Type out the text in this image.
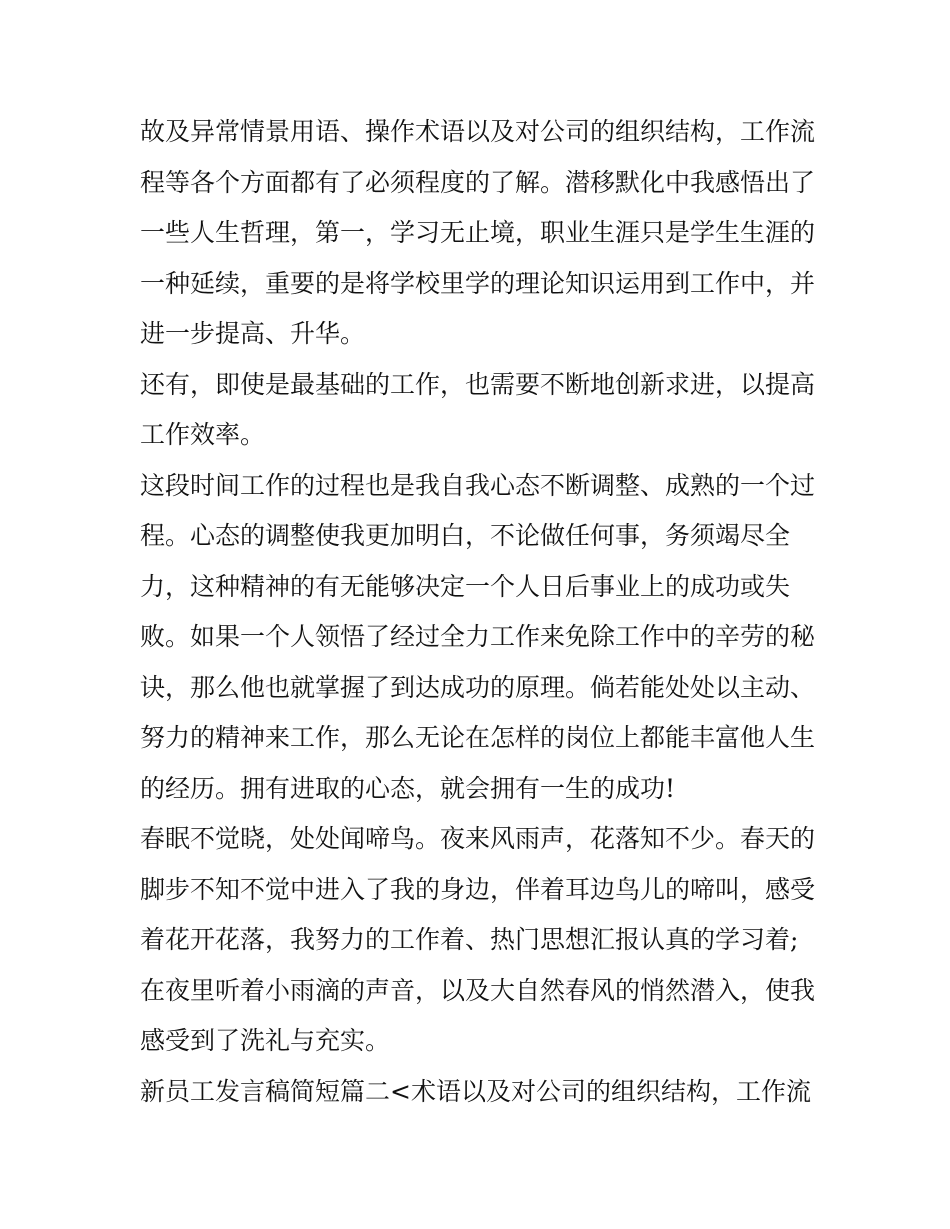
故及异常情景用语、操作术语以及对公司的组织结构，工作流
程等各个方面都有了必须程度的了解。潜移默化中我感悟出了
一些人生哲理，第一，学习无止境，职业生涯只是学生生涯的
一种延续，重要的是将学校里学的理论知识运用到工作中，并
进一步提高、升华。
还有，即使是最基础的工作，也需要不断地创新求进，以提高
工作效率。
这段时间工作的过程也是我自我心态不断调整、成熟的一个过
程。心态的调整使我更加明白，不论做任何事，务须竭尽全
力，这种精神的有无能够决定一个人日后事业上的成功或失
败。如果一个人领悟了经过全力工作来免除工作中的辛劳的秘
诀，那么他也就掌握了到达成功的原理。倘若能处处以主动、
努力的精神来工作，那么无论在怎样的岗位上都能丰富他人生
的经历。拥有进取的心态，就会拥有一生的成功!
春眠不觉晓，处处闻啼鸟。夜来风雨声，花落知不少。春天的
脚步不知不觉中进入了我的身边，伴着耳边鸟儿的啼叫，感受
着花开花落，我努力的工作着、热门思想汇报认真的学习着;
在夜里听着小雨滴的声音，以及大自然春风的悄然潜入，使我
感受到了洗礼与充实。
新员工发言稿简短篇二<术语以及对公司的组织结构，工作流
